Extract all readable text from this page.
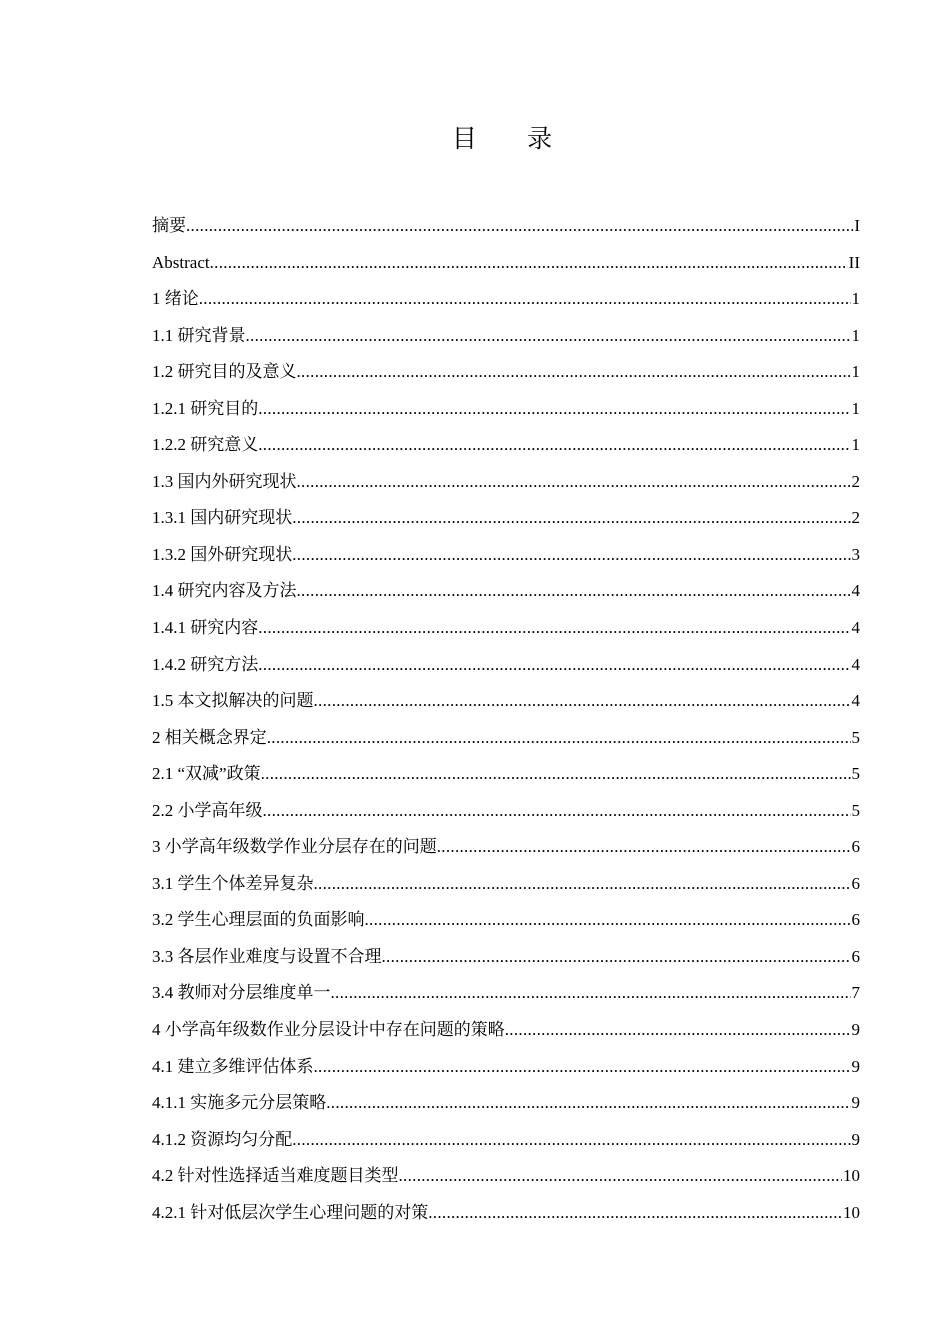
目 录
摘要 .....	I
Abstract .....	II
1 绪论 .....	1
1.1 研究背景 .....	1
1.2 研究目的及意义 .....	1
1.2.1 研究目的 .....	1
1.2.2 研究意义 .....	1
1.3 国内外研究现状 .....	2
1.3.1 国内研究现状 .....	2
1.3.2 国外研究现状 .....	3
1.4 研究内容及方法 .....	4
1.4.1 研究内容 .....	4
1.4.2 研究方法 .....	4
1.5 本文拟解决的问题 .....	4
2 相关概念界定 .....	5
2.1 “双减”政策 .....	5
2.2 小学高年级 .....	5
3 小学高年级数学作业分层存在的问题 .....	6
3.1 学生个体差异复杂 .....	6
3.2 学生心理层面的负面影响 .....	6
3.3 各层作业难度与设置不合理 .....	6
3.4 教师对分层维度单一 .....	7
4 小学高年级数作业分层设计中存在问题的策略 .....	9
4.1 建立多维评估体系 .....	9
4.1.1 实施多元分层策略 .....	9
4.1.2 资源均匀分配 .....	9
4.2 针对性选择适当难度题目类型 .....	10
4.2.1 针对低层次学生心理问题的对策 .....	10
